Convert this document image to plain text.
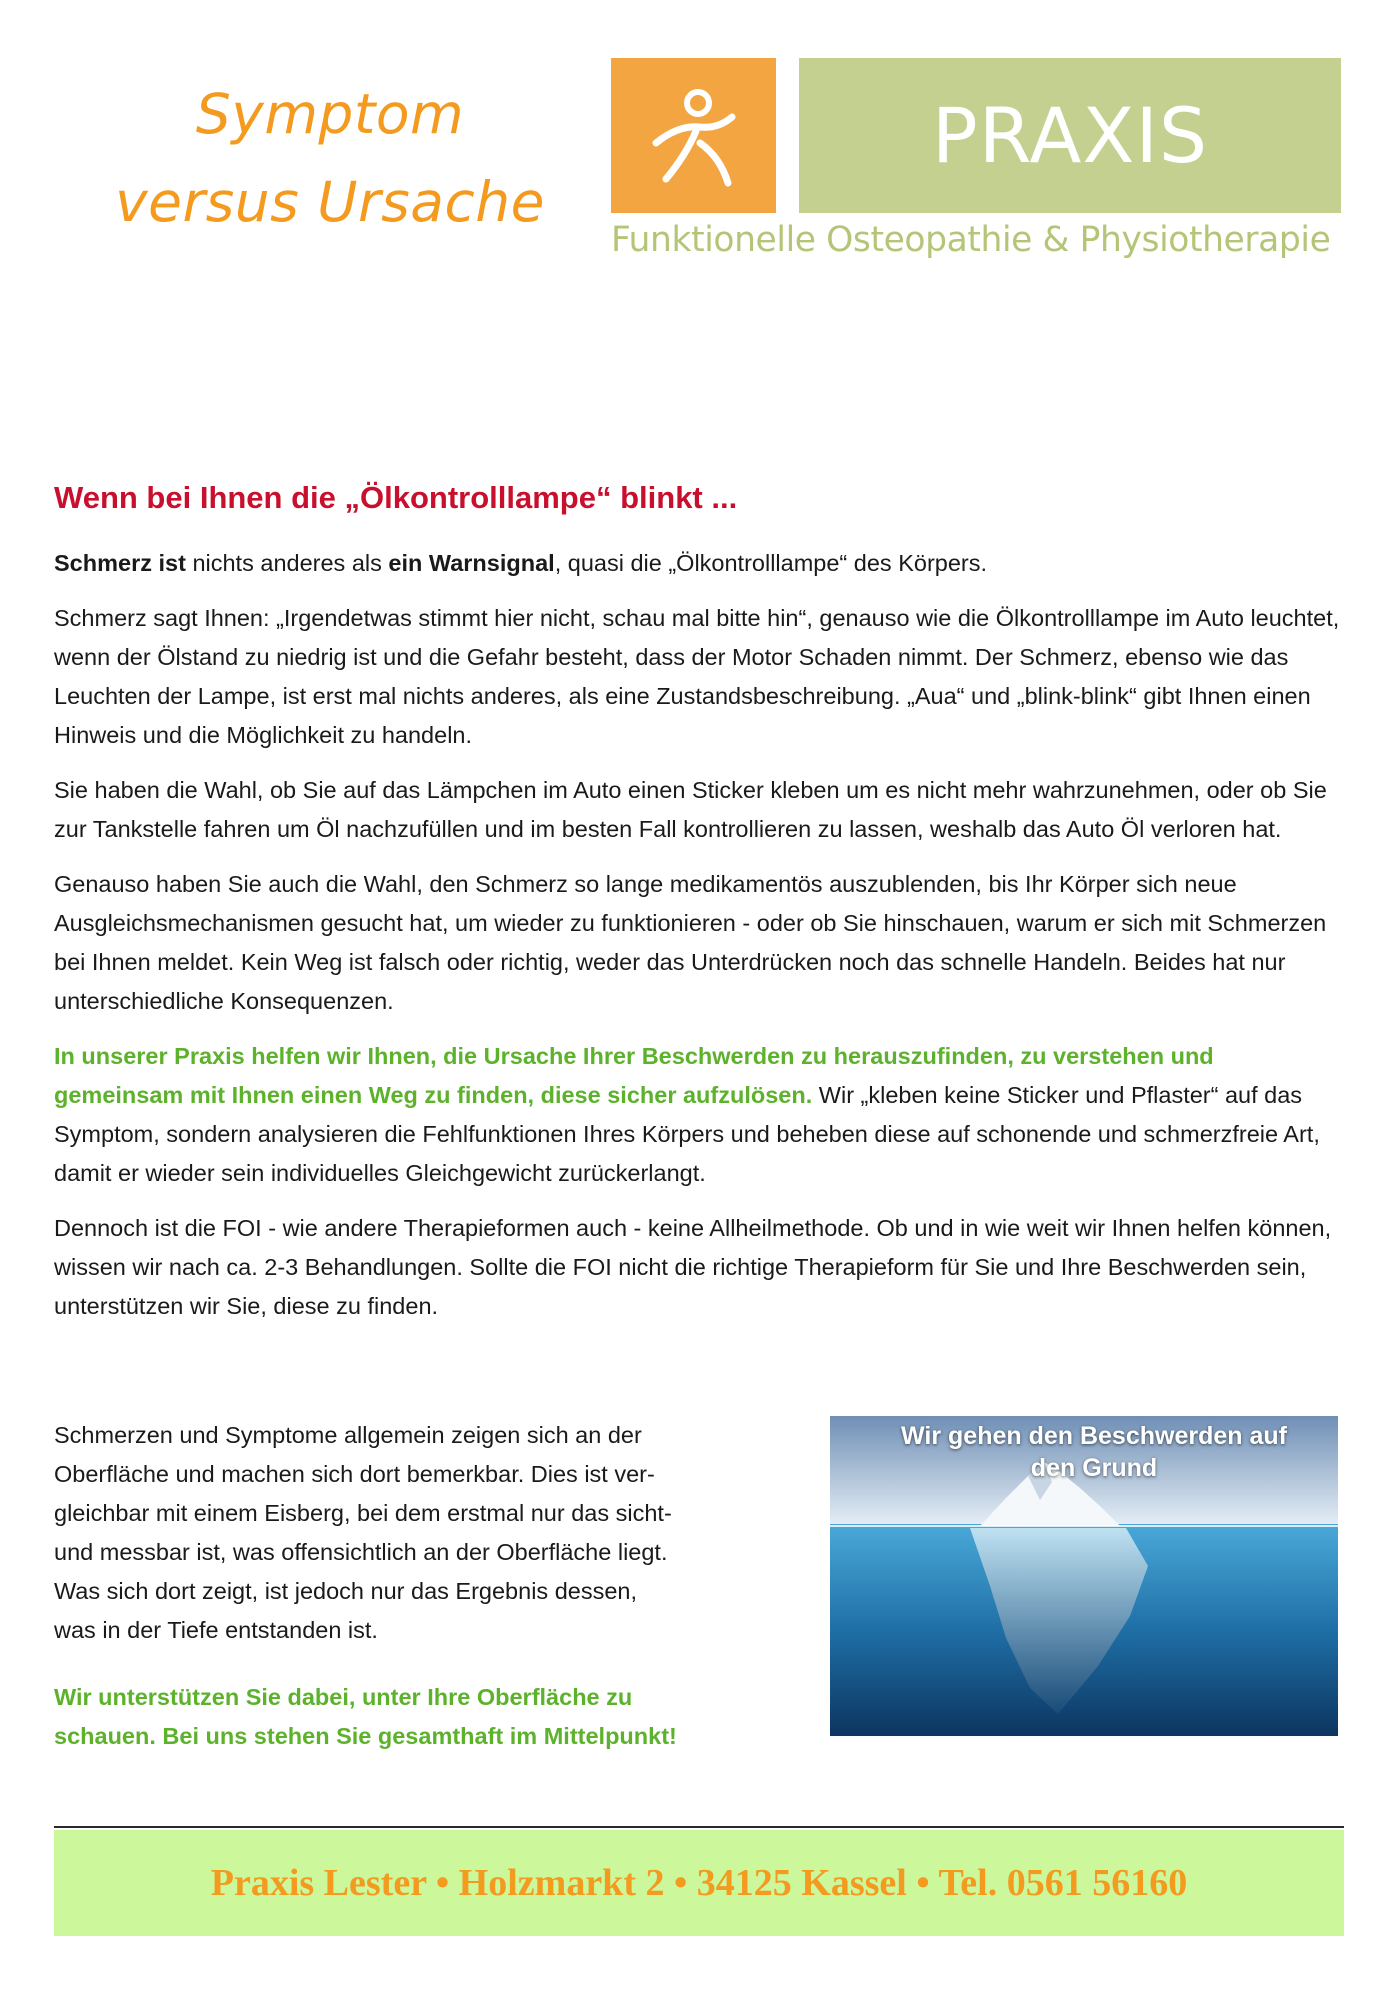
Symptom
versus Ursache
PRAXIS LESTER
Funktionelle Osteopathie & Physiotherapie
Wenn bei Ihnen die „Ölkontrolllampe“ blinkt ...

Schmerz ist nichts anderes als ein Warnsignal, quasi die „Ölkontrolllampe“ des Körpers.

Schmerz sagt Ihnen: „Irgendetwas stimmt hier nicht, schau mal bitte hin“, genauso wie die Ölkontrolllampe im Auto leuchtet, wenn der Ölstand zu niedrig ist und die Gefahr besteht, dass der Motor Schaden nimmt. Der Schmerz, ebenso wie das Leuchten der Lampe, ist erst mal nichts anderes, als eine Zustandsbeschreibung. „Aua“ und „blink-blink“ gibt Ihnen einen Hinweis und die Möglichkeit zu handeln.

Sie haben die Wahl, ob Sie auf das Lämpchen im Auto einen Sticker kleben um es nicht mehr wahrzunehmen, oder ob Sie zur Tankstelle fahren um Öl nachzufüllen und im besten Fall kontrollieren zu lassen, weshalb das Auto Öl verloren hat.

Genauso haben Sie auch die Wahl, den Schmerz so lange medikamentös auszublenden, bis Ihr Körper sich neue Ausgleichsmechanismen gesucht hat, um wieder zu funktionieren - oder ob Sie hinschauen, warum er sich mit Schmerzen bei Ihnen meldet. Kein Weg ist falsch oder richtig, weder das Unterdrücken noch das schnelle Handeln. Beides hat nur unterschiedliche Konsequenzen.

In unserer Praxis helfen wir Ihnen, die Ursache Ihrer Beschwerden zu herauszufinden, zu verstehen und gemeinsam mit Ihnen einen Weg zu finden, diese sicher aufzulösen. Wir „kleben keine Sticker und Pflaster“ auf das Symptom, sondern analysieren die Fehlfunktionen Ihres Körpers und beheben diese auf schonende und schmerzfreie Art, damit er wieder sein individuelles Gleichgewicht zurückerlangt.

Dennoch ist die FOI - wie andere Therapieformen auch - keine Allheilmethode. Ob und in wie weit wir Ihnen helfen können, wissen wir nach ca. 2-3 Behandlungen. Sollte die FOI nicht die richtige Therapieform für Sie und Ihre Beschwerden sein, unterstützen wir Sie, diese zu finden.

Schmerzen und Symptome allgemein zeigen sich an der

Oberfläche und machen sich dort bemerkbar. Dies ist ver-

gleichbar mit einem Eisberg, bei dem erstmal nur das sicht-

und messbar ist, was offensichtlich an der Oberfläche liegt.

Was sich dort zeigt, ist jedoch nur das Ergebnis dessen,

was in der Tiefe entstanden ist.

Wir unterstützen Sie dabei, unter Ihre Oberfläche zu
schauen. Bei uns stehen Sie gesamthaft im Mittelpunkt!
Wir gehen den Beschwerden auf
den Grund
Praxis Lester • Holzmarkt 2 • 34125 Kassel • Tel. 0561 56160
